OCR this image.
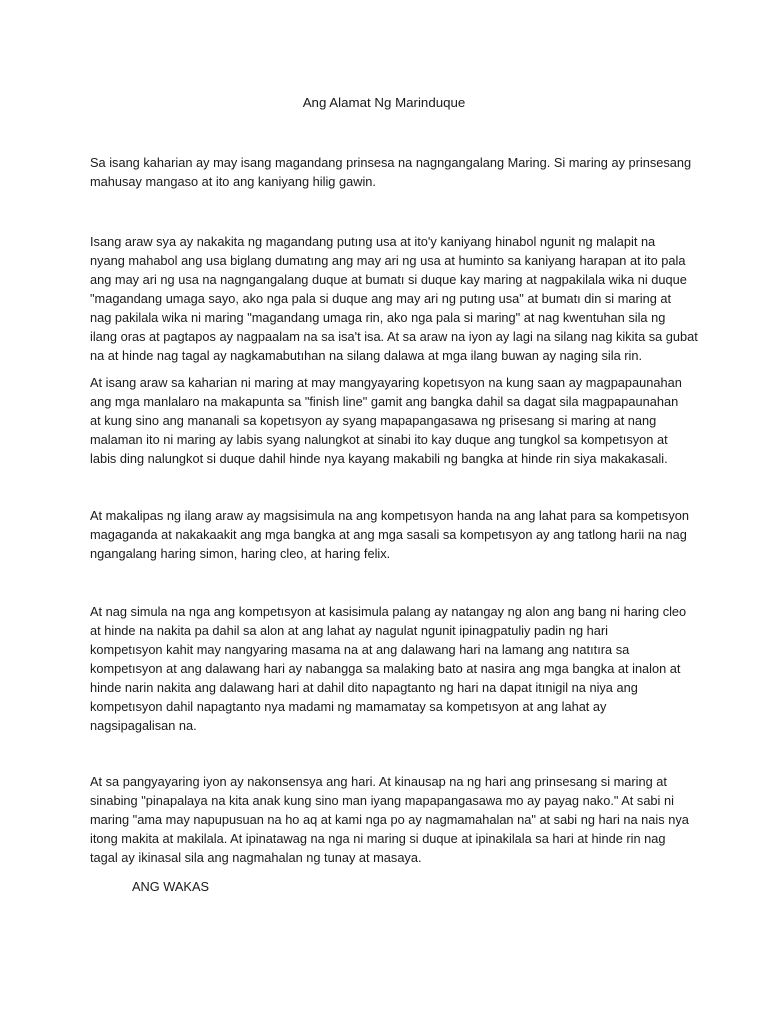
Ang Alamat Ng Marinduque
Sa isang kaharian ay may isang magandang prinsesa na nagngangalang Maring. Si maring ay prinsesang
mahusay mangaso at ito ang kaniyang hilig gawin.
Isang araw sya ay nakakita ng magandang putıng usa at ito'y kaniyang hinabol ngunit ng malapit na
nyang mahabol ang usa biglang dumatıng ang may ari ng usa at huminto sa kaniyang harapan at ito pala
ang may ari ng usa na nagngangalang duque at bumatı si duque kay maring at nagpakilala wika ni duque
"magandang umaga sayo, ako nga pala si duque ang may ari ng putıng usa" at bumatı din si maring at
nag pakilala wika ni maring "magandang umaga rin, ako nga pala si maring" at nag kwentuhan sila ng
ilang oras at pagtapos ay nagpaalam na sa isa't isa. At sa araw na iyon ay lagi na silang nag kikita sa gubat
na at hinde nag tagal ay nagkamabutıhan na silang dalawa at mga ilang buwan ay naging sila rin.
At isang araw sa kaharian ni maring at may mangyayaring kopetısyon na kung saan ay magpapaunahan
ang mga manlalaro na makapunta sa "finish line" gamit ang bangka dahil sa dagat sila magpapaunahan
at kung sino ang mananali sa kopetısyon ay syang mapapangasawa ng prisesang si maring at nang
malaman ito ni maring ay labis syang nalungkot at sinabi ito kay duque ang tungkol sa kompetısyon at
labis ding nalungkot si duque dahil hinde nya kayang makabili ng bangka at hinde rin siya makakasali.
At makalipas ng ilang araw ay magsisimula na ang kompetısyon handa na ang lahat para sa kompetısyon
magaganda at nakakaakit ang mga bangka at ang mga sasali sa kompetısyon ay ang tatlong harii na nag
ngangalang haring simon, haring cleo, at haring felix.
At nag simula na nga ang kompetısyon at kasisimula palang ay natangay ng alon ang bang ni haring cleo
at hinde na nakita pa dahil sa alon at ang lahat ay nagulat ngunit ipinagpatuliy padin ng hari
kompetısyon kahit may nangyaring masama na at ang dalawang hari na lamang ang natıtıra sa
kompetısyon at ang dalawang hari ay nabangga sa malaking bato at nasira ang mga bangka at inalon at
hinde narin nakita ang dalawang hari at dahil dito napagtanto ng hari na dapat itınigil na niya ang
kompetısyon dahil napagtanto nya madami ng mamamatay sa kompetısyon at ang lahat ay
nagsipagalisan na.
At sa pangyayaring iyon ay nakonsensya ang hari. At kinausap na ng hari ang prinsesang si maring at
sinabing "pinapalaya na kita anak kung sino man iyang mapapangasawa mo ay payag nako." At sabi ni
maring "ama may napupusuan na ho aq at kami nga po ay nagmamahalan na" at sabi ng hari na nais nya
itong makita at makilala. At ipinatawag na nga ni maring si duque at ipinakilala sa hari at hinde rin nag
tagal ay ikinasal sila ang nagmahalan ng tunay at masaya.
ANG WAKAS
